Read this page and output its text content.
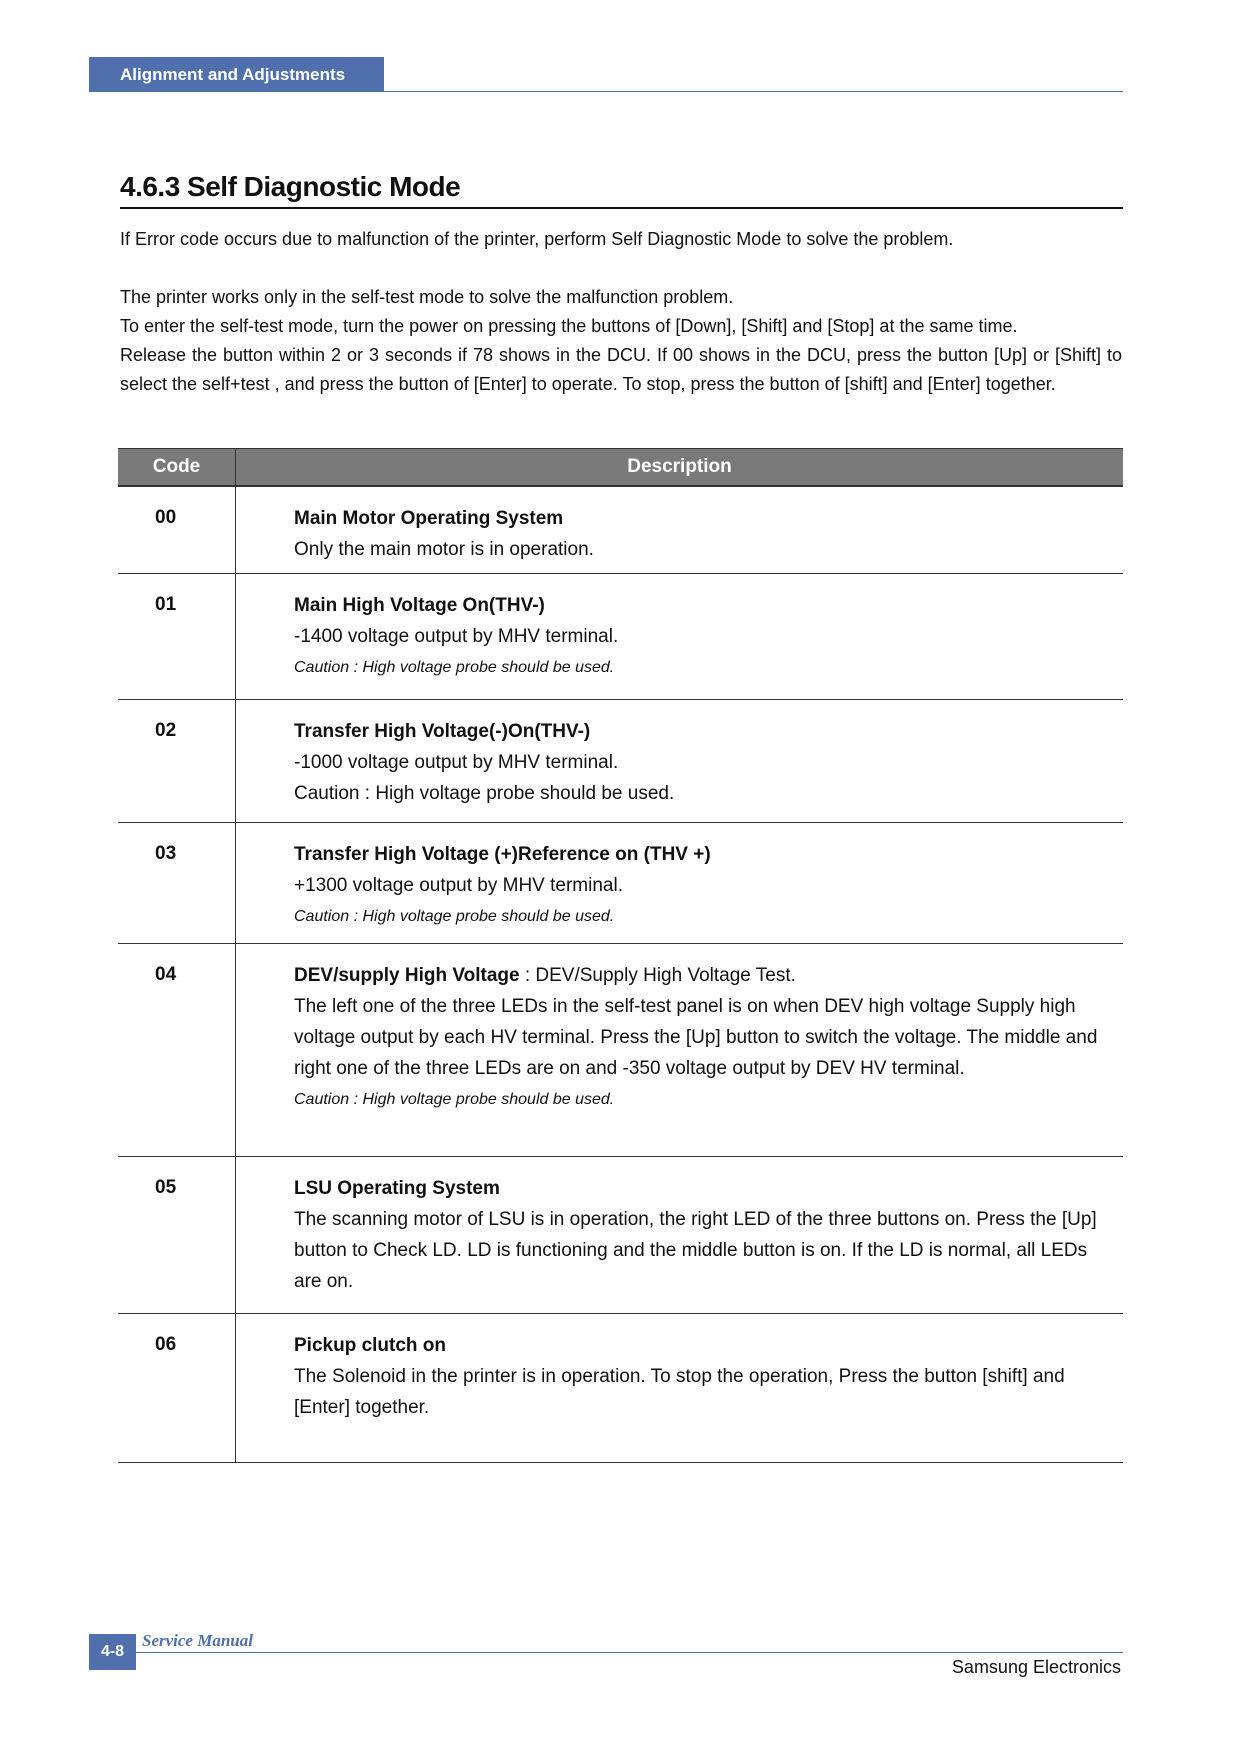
Alignment and Adjustments
4.6.3 Self Diagnostic Mode
If Error code occurs due to malfunction of the printer, perform Self Diagnostic Mode to solve the problem.
The printer works only in the self-test mode to solve the malfunction problem.
To enter the self-test mode, turn the power on pressing the buttons of [Down], [Shift] and [Stop] at the same time.
Release the button within 2 or 3 seconds if 78 shows in the DCU. If 00 shows in the DCU, press the button [Up] or [Shift] to select the self+test , and press the button of [Enter] to operate. To stop, press the button of [shift] and [Enter] together.
Code	Description
00	Main Motor Operating System
Only the main motor is in operation.
01	Main High Voltage On(THV-)
-1400 voltage output by MHV terminal.
Caution : High voltage probe should be used.
02	Transfer High Voltage(-)On(THV-)
-1000 voltage output by MHV terminal.
Caution : High voltage probe should be used.
03	Transfer High Voltage (+)Reference on (THV +)
+1300 voltage output by MHV terminal.
Caution : High voltage probe should be used.
04	DEV/supply High Voltage : DEV/Supply High Voltage Test.
The left one of the three LEDs in the self-test panel is on when DEV high voltage Supply high voltage output by each HV terminal. Press the [Up] button to switch the voltage. The middle and right one of the three LEDs are on and -350 voltage output by DEV HV terminal.
Caution : High voltage probe should be used.
05	LSU Operating System
The scanning motor of LSU is in operation, the right LED of the three buttons on. Press the [Up] button to Check LD. LD is functioning and the middle button is on. If the LD is normal, all LEDs are on.
06	Pickup clutch on
The Solenoid in the printer is in operation. To stop the operation, Press the button [shift] and [Enter] together.
4-8
Service Manual
Samsung Electronics
